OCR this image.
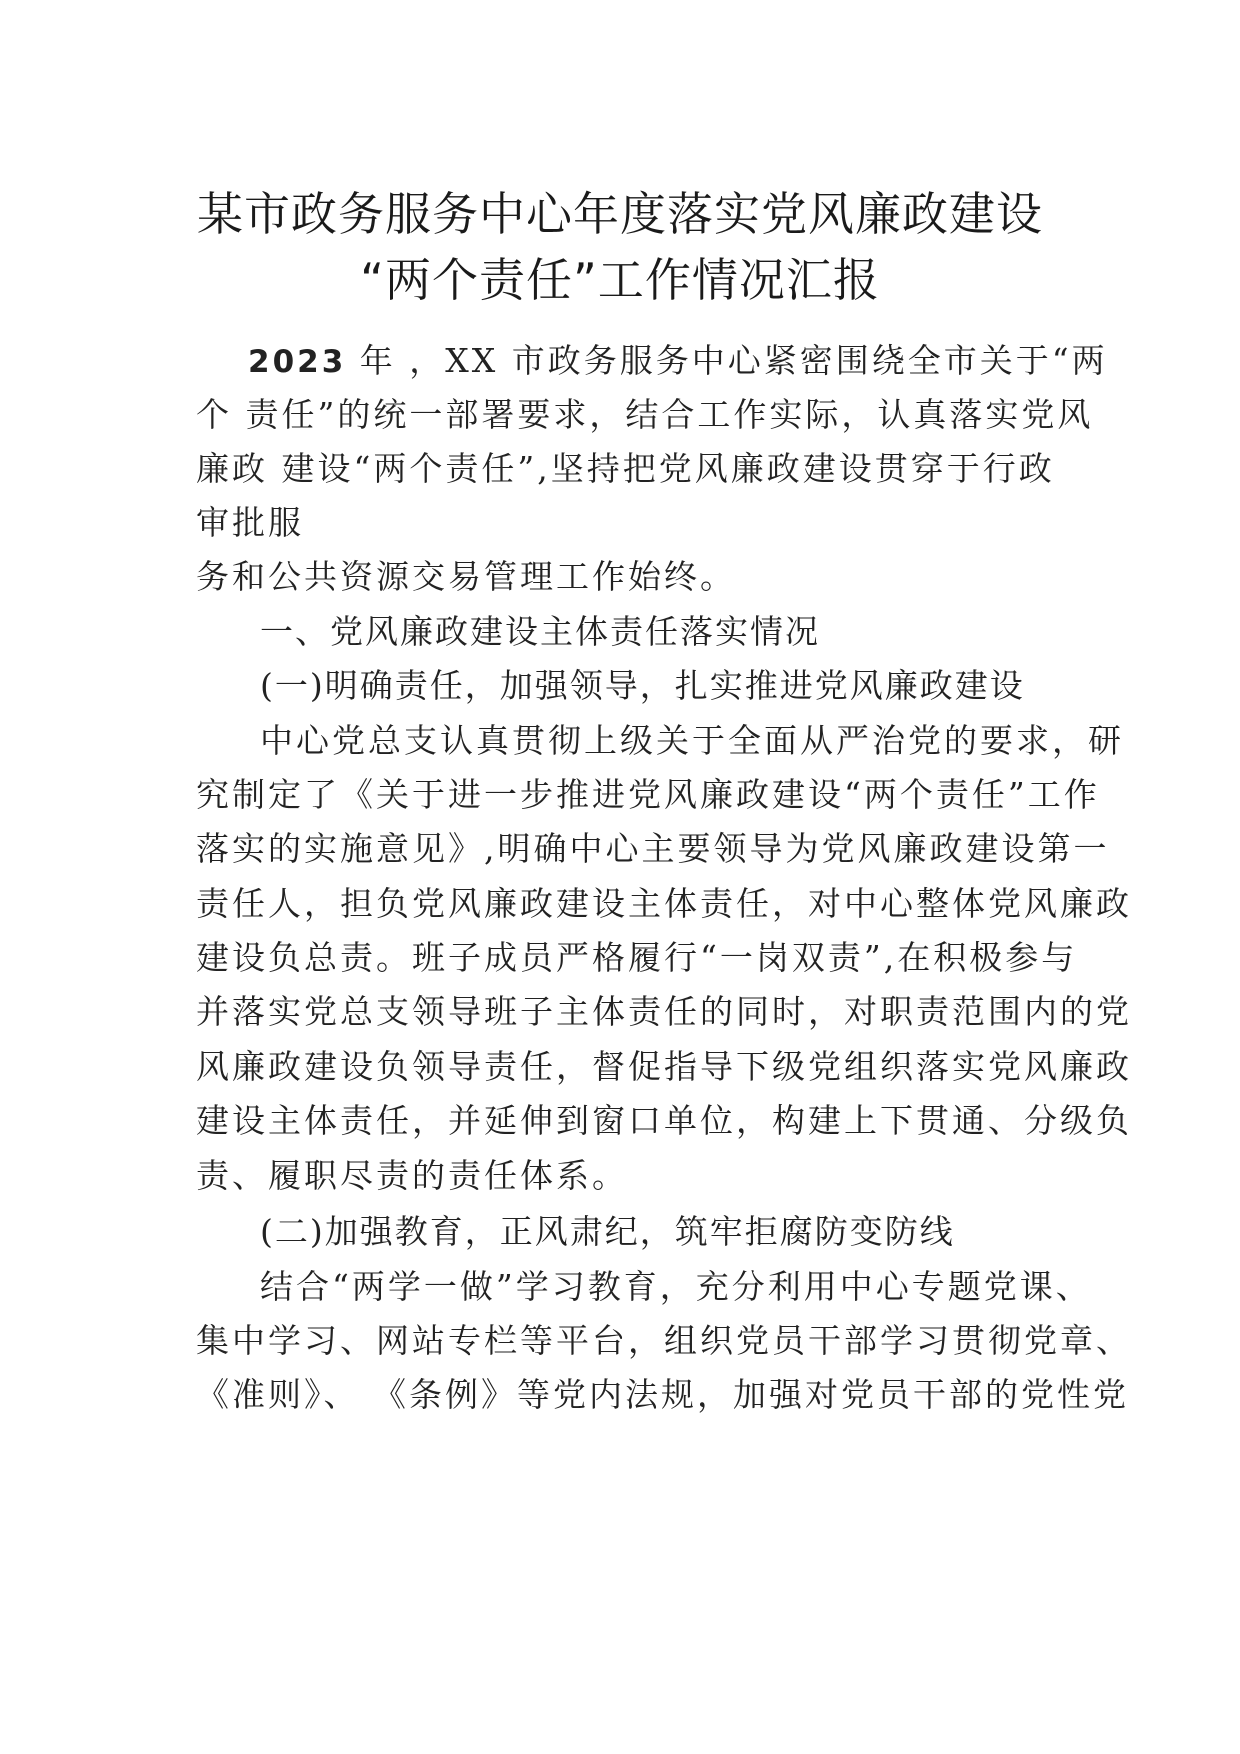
某市政务服务中心年度落实党风廉政建设
“两个责任”工作情况汇报

2023 年 ，XX 市政务服务中心紧密围绕全市关于“两

个 责任”的统一部署要求，结合工作实际，认真落实党风

廉政 建设“两个责任”,坚持把党风廉政建设贯穿于行政

审批服

务和公共资源交易管理工作始终。

一、党风廉政建设主体责任落实情况

(一)明确责任，加强领导，扎实推进党风廉政建设

中心党总支认真贯彻上级关于全面从严治党的要求，研

究制定了《关于进一步推进党风廉政建设“两个责任”工作

落实的实施意见》,明确中心主要领导为党风廉政建设第一

责任人，担负党风廉政建设主体责任，对中心整体党风廉政

建设负总责。班子成员严格履行“一岗双责”,在积极参与

并落实党总支领导班子主体责任的同时，对职责范围内的党

风廉政建设负领导责任，督促指导下级党组织落实党风廉政

建设主体责任，并延伸到窗口单位，构建上下贯通、分级负

责、履职尽责的责任体系。

(二)加强教育，正风肃纪，筑牢拒腐防变防线

结合“两学一做”学习教育，充分利用中心专题党课、

集中学习、网站专栏等平台，组织党员干部学习贯彻党章、

《准则》、 《条例》等党内法规，加强对党员干部的党性党
